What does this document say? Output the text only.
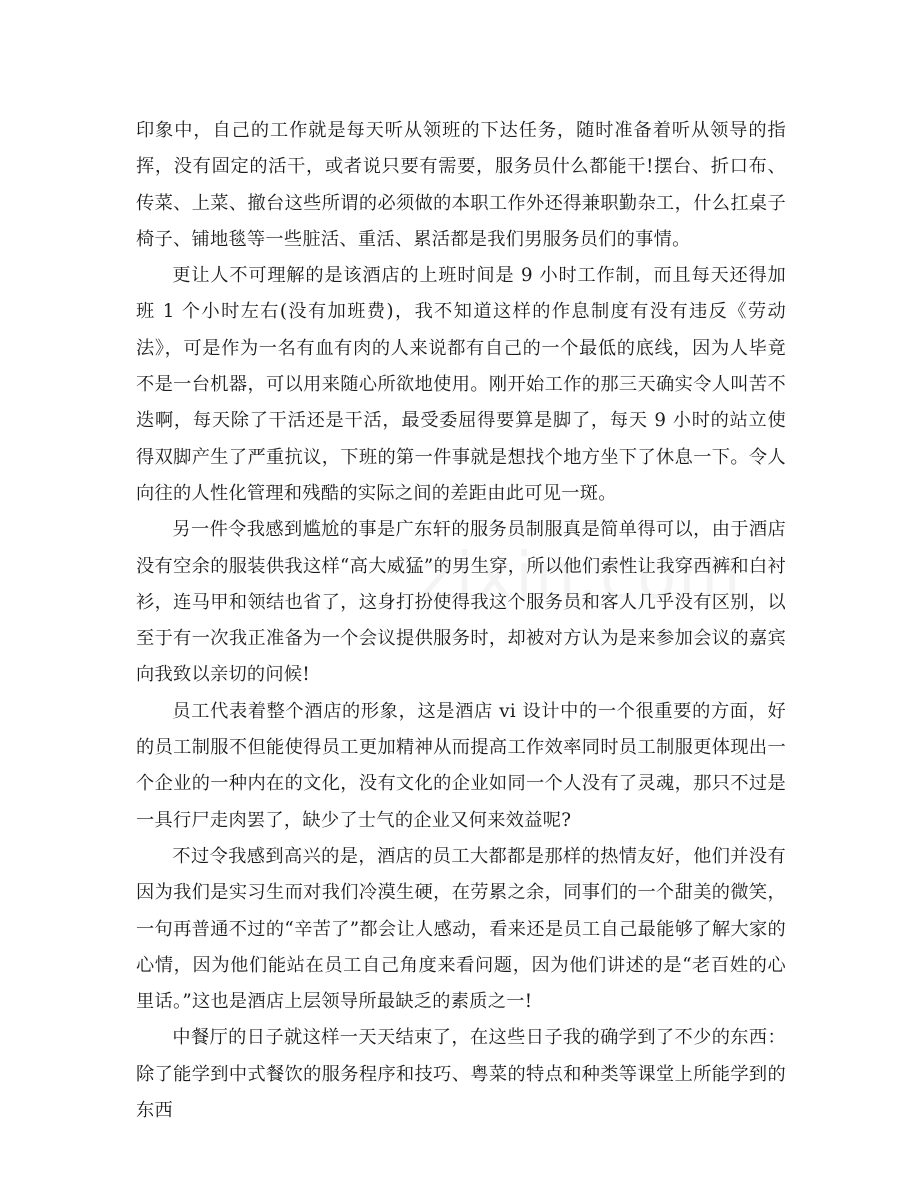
印象中，自己的工作就是每天听从领班的下达任务，随时准备着听从领导的指挥，没有固定的活干，或者说只要有需要，服务员什么都能干!摆台、折口布、传菜、上菜、撤台这些所谓的必须做的本职工作外还得兼职勤杂工，什么扛桌子椅子、铺地毯等一些脏活、重活、累活都是我们男服务员们的事情。

更让人不可理解的是该酒店的上班时间是 9 小时工作制，而且每天还得加班 1 个小时左右(没有加班费)，我不知道这样的作息制度有没有违反《劳动法》，可是作为一名有血有肉的人来说都有自己的一个最低的底线，因为人毕竟不是一台机器，可以用来随心所欲地使用。刚开始工作的那三天确实令人叫苦不迭啊，每天除了干活还是干活，最受委屈得要算是脚了，每天 9 小时的站立使得双脚产生了严重抗议，下班的第一件事就是想找个地方坐下了休息一下。令人向往的人性化管理和残酷的实际之间的差距由此可见一斑。

另一件令我感到尴尬的事是广东轩的服务员制服真是简单得可以，由于酒店没有空余的服装供我这样“高大威猛”的男生穿，所以他们索性让我穿西裤和白衬衫，连马甲和领结也省了，这身打扮使得我这个服务员和客人几乎没有区别，以至于有一次我正准备为一个会议提供服务时，却被对方认为是来参加会议的嘉宾向我致以亲切的问候!

员工代表着整个酒店的形象，这是酒店 vi 设计中的一个很重要的方面，好的员工制服不但能使得员工更加精神从而提高工作效率同时员工制服更体现出一个企业的一种内在的文化，没有文化的企业如同一个人没有了灵魂，那只不过是一具行尸走肉罢了，缺少了士气的企业又何来效益呢?

不过令我感到高兴的是，酒店的员工大都都是那样的热情友好，他们并没有因为我们是实习生而对我们冷漠生硬，在劳累之余，同事们的一个甜美的微笑，一句再普通不过的“辛苦了”都会让人感动，看来还是员工自己最能够了解大家的心情，因为他们能站在员工自己角度来看问题，因为他们讲述的是“老百姓的心里话。”这也是酒店上层领导所最缺乏的素质之一!

中餐厅的日子就这样一天天结束了，在这些日子我的确学到了不少的东西：除了能学到中式餐饮的服务程序和技巧、粤菜的特点和种类等课堂上所能学到的东西
